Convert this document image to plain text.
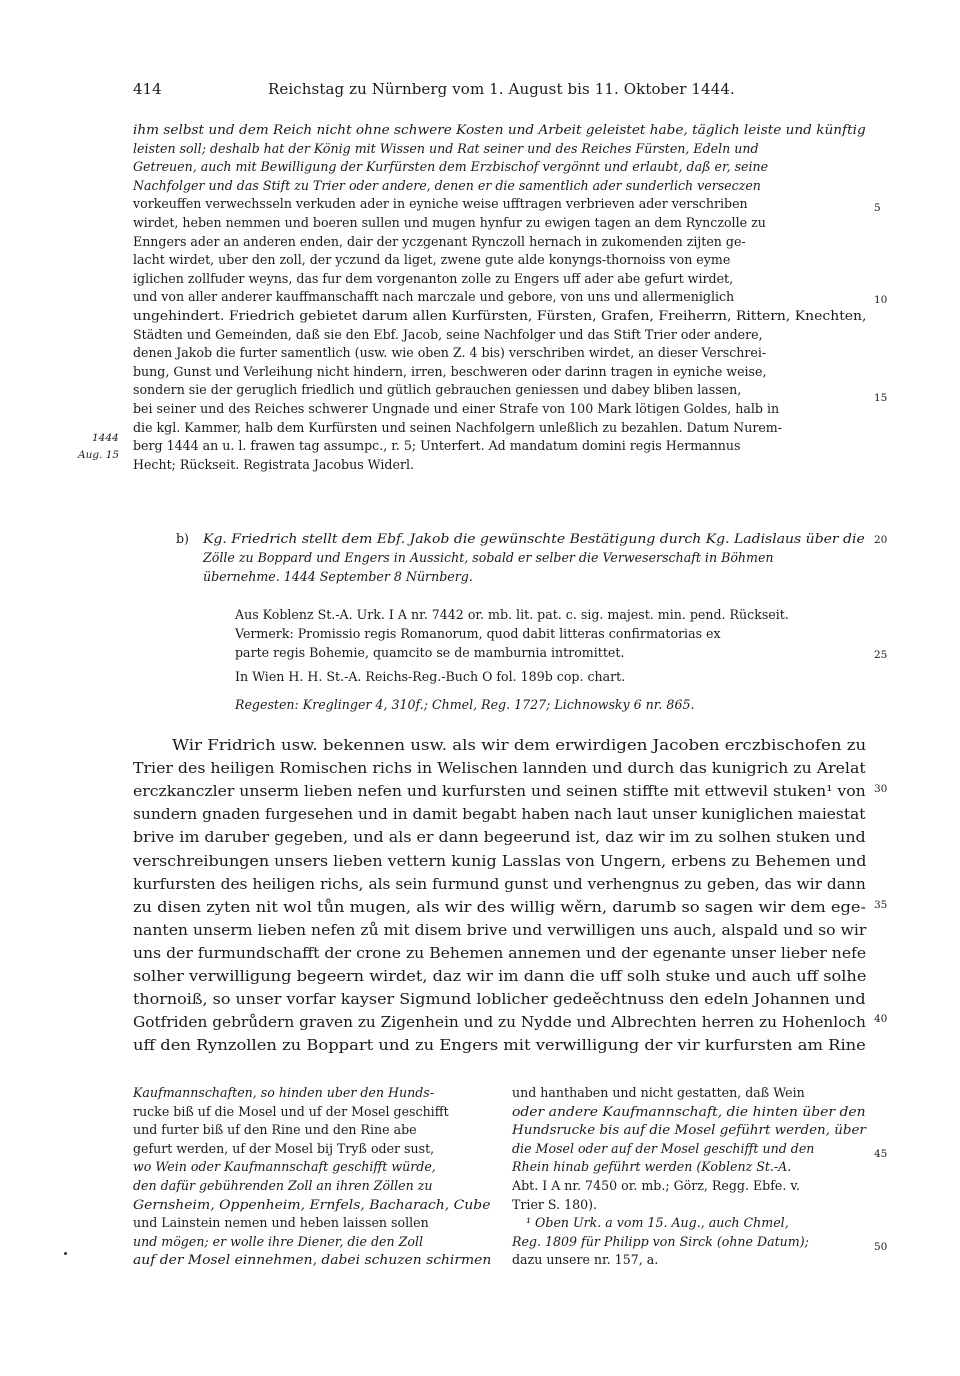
414	Reichstag zu Nürnberg vom 1. August bis 11. Oktober 1444.
ihm selbst und dem Reich nicht ohne schwere Kosten und Arbeit geleistet habe, täglich leiste und künftig
leisten soll; deshalb hat der König mit Wissen und Rat seiner und des Reiches Fürsten, Edeln und
Getreuen, auch mit Bewilligung der Kurfürsten dem Erzbischof vergönnt und erlaubt, daß er, seine
Nachfolger und das Stift zu Trier oder andere, denen er die samentlich ader sunderlich verseczen
vorkeuffen verwechsseln verkuden ader in eyniche weise ufftragen verbrieven ader verschriben
wirdet, heben nemmen und boeren sullen und mugen hynfur zu ewigen tagen an dem Rynczolle zu
Enngers ader an anderen enden, dair der yczgenant Rynczoll hernach in zukomenden zijten ge-
lacht wirdet, uber den zoll, der yczund da liget, zwene gute alde konyngs-thornoiss von eyme
iglichen zollfuder weyns, das fur dem vorgenanton zolle zu Engers uff ader abe gefurt wirdet,
und von aller anderer kauffmanschafft nach marczale und gebore, von uns und allermeniglich
ungehindert. Friedrich gebietet darum allen Kurfürsten, Fürsten, Grafen, Freiherrn, Rittern, Knechten,
Städten und Gemeinden, daß sie den Ebf. Jacob, seine Nachfolger und das Stift Trier oder andere,
denen Jakob die furter samentlich (usw. wie oben Z. 4 bis) verschriben wirdet, an dieser Verschrei-
bung, Gunst und Verleihung nicht hindern, irren, beschweren oder darinn tragen in eyniche weise,
sondern sie der geruglich friedlich und gütlich gebrauchen geniessen und dabey bliben lassen,
bei seiner und des Reiches schwerer Ungnade und einer Strafe von 100 Mark lötigen Goldes, halb in
die kgl. Kammer, halb dem Kurfürsten und seinen Nachfolgern unleßlich zu bezahlen. Datum Nurem-
berg 1444 an u. l. frawen tag assumpc., r. 5; Unterfert. Ad mandatum domini regis Hermannus
Hecht; Rückseit. Registrata Jacobus Widerl.
1444
Aug. 15
b) Kg. Friedrich stellt dem Ebf. Jakob die gewünschte Bestätigung durch Kg. Ladislaus über die
Zölle zu Boppard und Engers in Aussicht, sobald er selber die Verweserschaft in Böhmen
übernehme. 1444 September 8 Nürnberg.
Aus Koblenz St.-A. Urk. I A nr. 7442 or. mb. lit. pat. c. sig. majest. min. pend. Rückseit.
Vermerk: Promissio regis Romanorum, quod dabit litteras confirmatorias ex
parte regis Bohemie, quamcito se de mamburnia intromittet.
In Wien H. H. St.-A. Reichs-Reg.-Buch O fol. 189b cop. chart.
Regesten: Kreglinger 4, 310f.; Chmel, Reg. 1727; Lichnowsky 6 nr. 865.
Wir Fridrich usw. bekennen usw. als wir dem erwirdigen Jacoben erczbischofen zu
Trier des heiligen Romischen richs in Welischen lannden und durch das kunigrich zu Arelat
erczkanczler unserm lieben nefen und kurfursten und seinen stiffte mit ettwevil stuken¹ von
sundern gnaden furgesehen und in damit begabt haben nach laut unser kuniglichen maiestat
brive im daruber gegeben, und als er dann begeerund ist, daz wir im zu solhen stuken und
verschreibungen unsers lieben vettern kunig Lasslas von Ungern, erbens zu Behemen und
kurfursten des heiligen richs, als sein furmund gunst und verhengnus zu geben, das wir dann
zu disen zyten nit wol tůn mugen, als wir des willig wěrn, darumb so sagen wir dem ege-
nanten unserm lieben nefen zů mit disem brive und verwilligen uns auch, alspald und so wir
uns der furmundschafft der crone zu Behemen annemen und der egenante unser lieber nefe
solher verwilligung begeern wirdet, daz wir im dann die uff solh stuke und auch uff solhe
thornoiß, so unser vorfar kayser Sigmund loblicher gedeěchtnuss den edeln Johannen und
Gotfriden gebrůdern graven zu Zigenhein und zu Nydde und Albrechten herren zu Hohenloch
uff den Rynzollen zu Boppart und zu Engers mit verwilligung der vir kurfursten am Rine
Kaufmannschaften, so hinden uber den Hunds-
rucke biß uf die Mosel und uf der Mosel geschifft
und furter biß uf den Rine und den Rine abe
gefurt werden, uf der Mosel bij Tryß oder sust,
wo Wein oder Kaufmannschaft geschifft würde,
den dafür gebührenden Zoll an ihren Zöllen zu
Gernsheim, Oppenheim, Ernfels, Bacharach, Cube
und Lainstein nemen und heben laissen sollen
und mögen; er wolle ihre Diener, die den Zoll
auf der Mosel einnehmen, dabei schuzen schirmen
und hanthaben und nicht gestatten, daß Wein
oder andere Kaufmannschaft, die hinten über den
Hundsrucke bis auf die Mosel geführt werden, über
die Mosel oder auf der Mosel geschifft und den
Rhein hinab geführt werden (Koblenz St.-A.
Abt. I A nr. 7450 or. mb.; Görz, Regg. Ebfe. v.
Trier S. 180).
¹ Oben Urk. a vom 15. Aug., auch Chmel,
Reg. 1809 für Philipp von Sirck (ohne Datum);
dazu unsere nr. 157, a.
5
10
15
20
25
30
35
40
45
50
